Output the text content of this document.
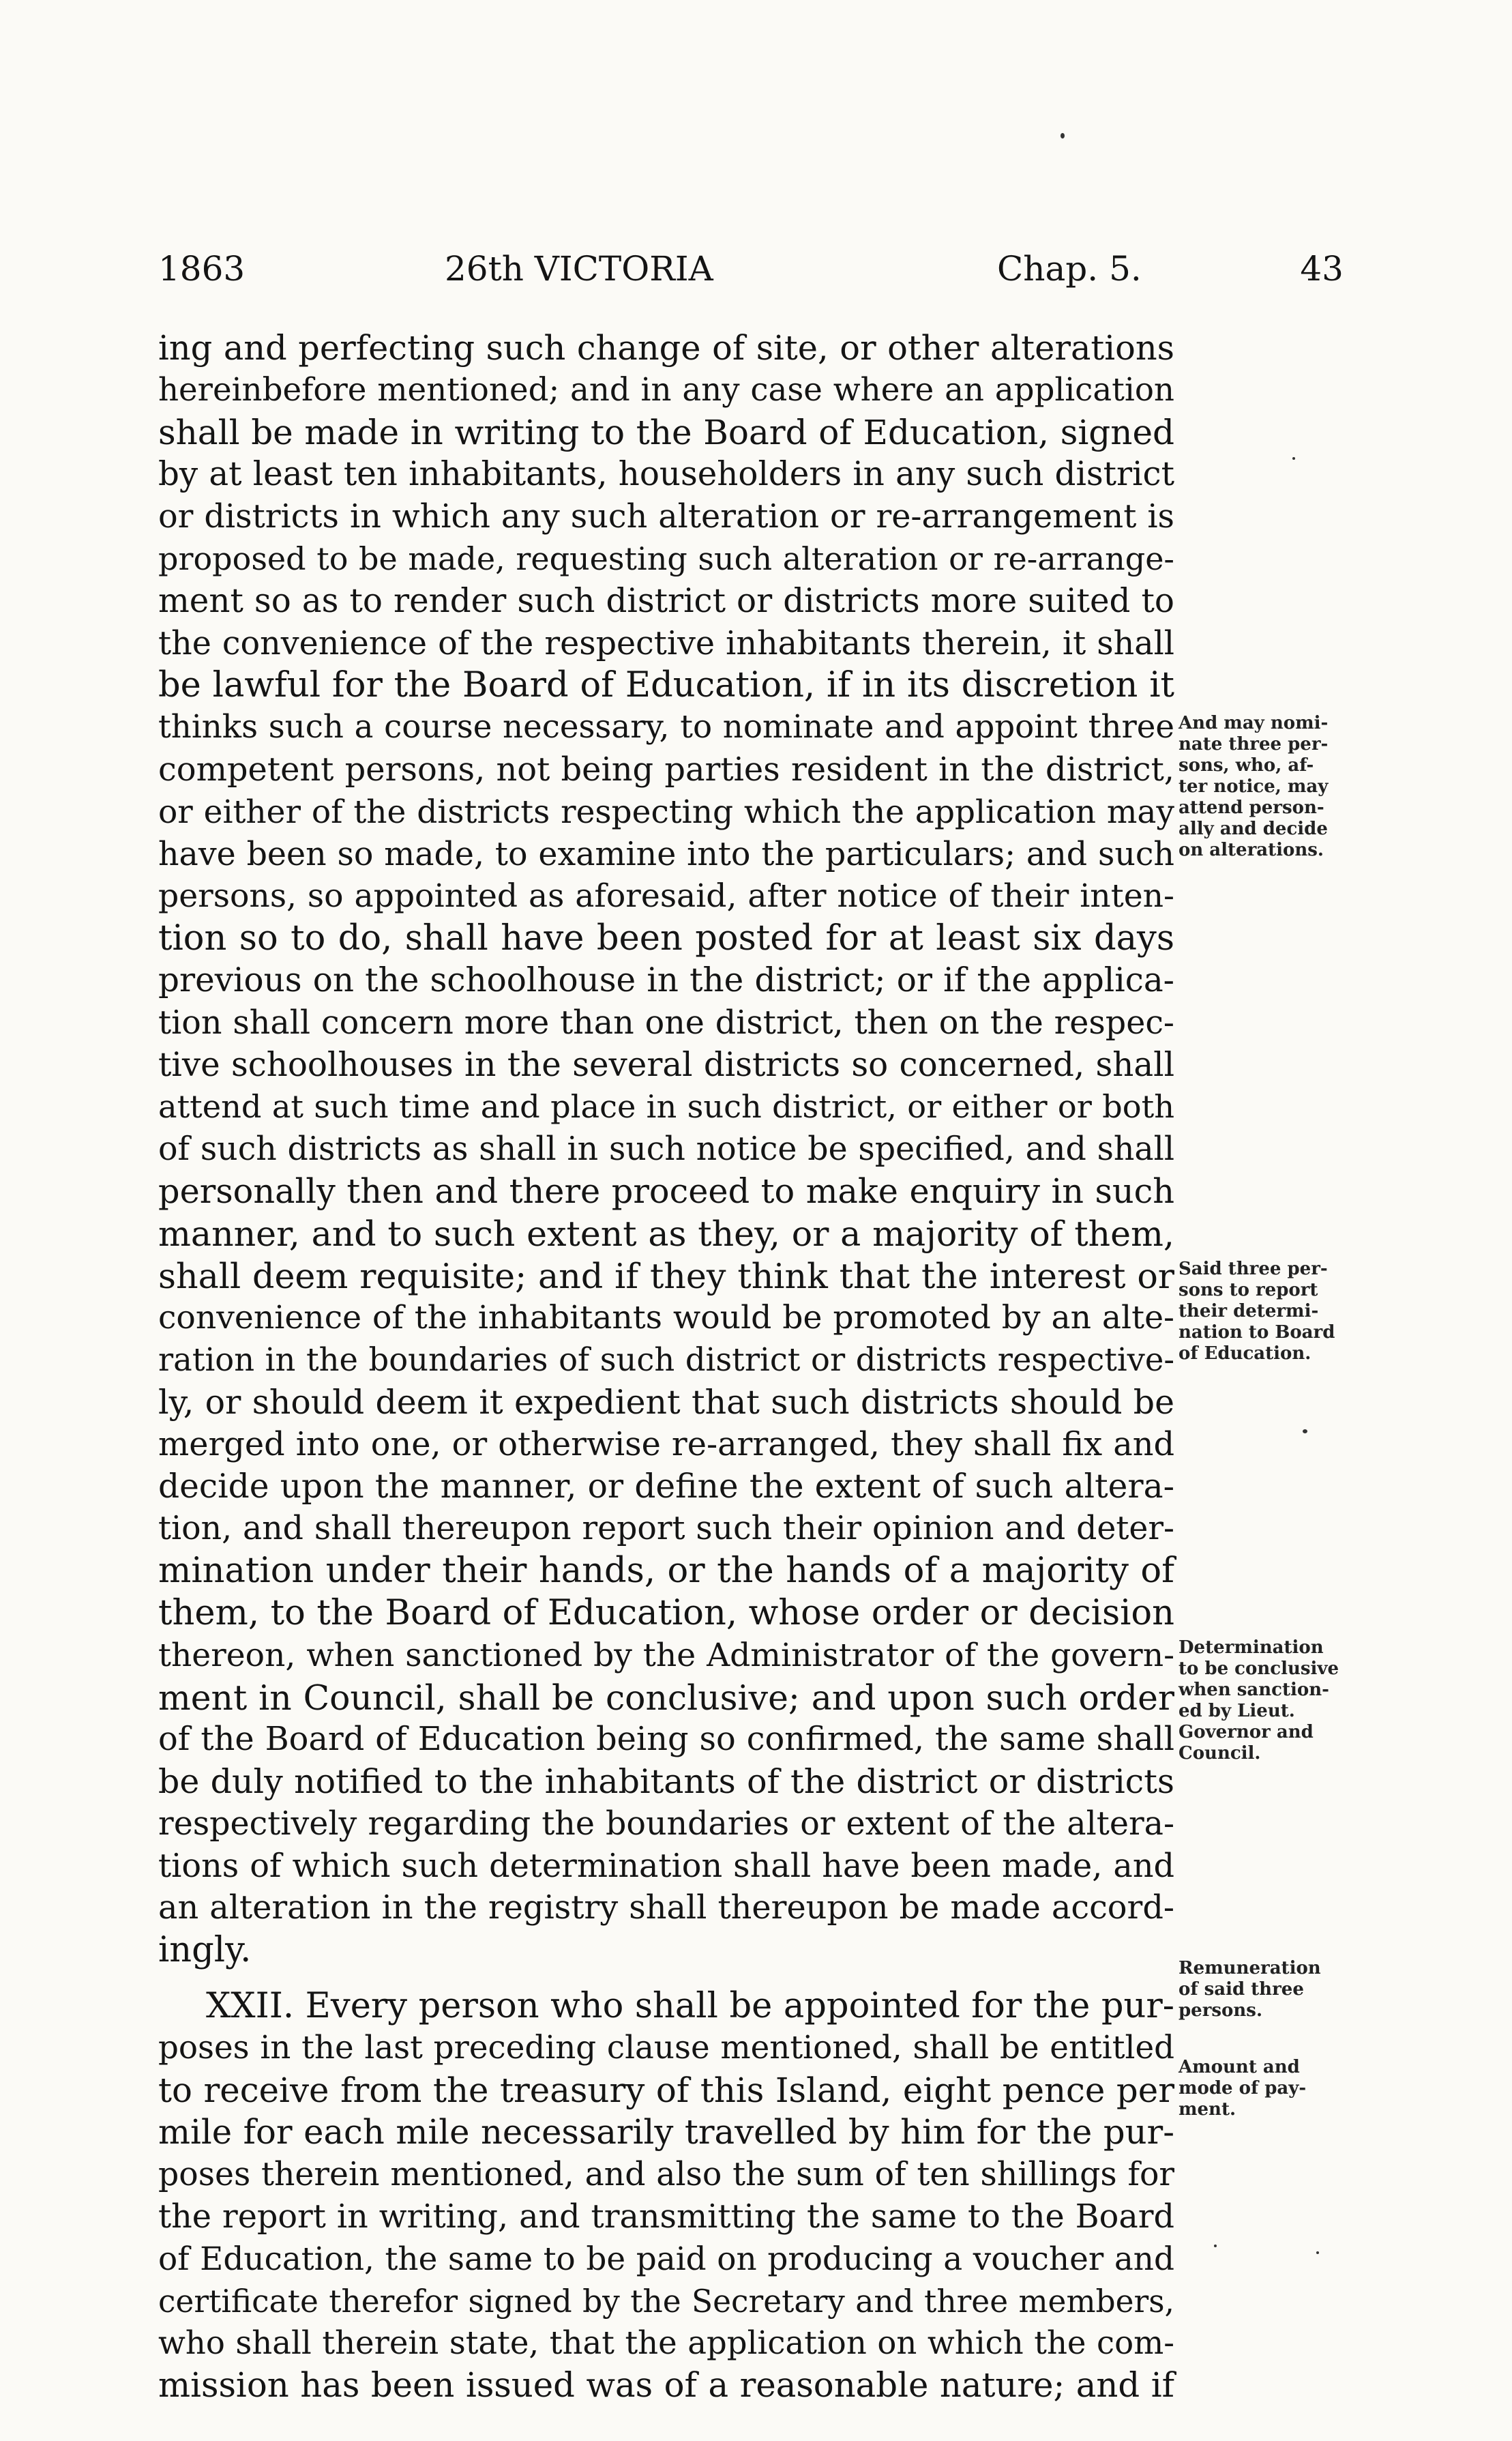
1863	26th VICTORIA	Chap. 5.	43
ing and perfecting such change of site, or other alterations
hereinbefore mentioned; and in any case where an application
shall be made in writing to the Board of Education, signed
by at least ten inhabitants, householders in any such district
or districts in which any such alteration or re-arrangement is
proposed to be made, requesting such alteration or re-arrange-
ment so as to render such district or districts more suited to
the convenience of the respective inhabitants therein, it shall
be lawful for the Board of Education, if in its discretion it
thinks such a course necessary, to nominate and appoint three
competent persons, not being parties resident in the district,
or either of the districts respecting which the application may
have been so made, to examine into the particulars; and such
persons, so appointed as aforesaid, after notice of their inten-
tion so to do, shall have been posted for at least six days
previous on the schoolhouse in the district; or if the applica-
tion shall concern more than one district, then on the respec-
tive schoolhouses in the several districts so concerned, shall
attend at such time and place in such district, or either or both
of such districts as shall in such notice be specified, and shall
personally then and there proceed to make enquiry in such
manner, and to such extent as they, or a majority of them,
shall deem requisite; and if they think that the interest or
convenience of the inhabitants would be promoted by an alte-
ration in the boundaries of such district or districts respective-
ly, or should deem it expedient that such districts should be
merged into one, or otherwise re-arranged, they shall fix and
decide upon the manner, or define the extent of such altera-
tion, and shall thereupon report such their opinion and deter-
mination under their hands, or the hands of a majority of
them, to the Board of Education, whose order or decision
thereon, when sanctioned by the Administrator of the govern-
ment in Council, shall be conclusive; and upon such order
of the Board of Education being so confirmed, the same shall
be duly notified to the inhabitants of the district or districts
respectively regarding the boundaries or extent of the altera-
tions of which such determination shall have been made, and
an alteration in the registry shall thereupon be made accord-
ingly.
XXII. Every person who shall be appointed for the pur-
poses in the last preceding clause mentioned, shall be entitled
to receive from the treasury of this Island, eight pence per
mile for each mile necessarily travelled by him for the pur-
poses therein mentioned, and also the sum of ten shillings for
the report in writing, and transmitting the same to the Board
of Education, the same to be paid on producing a voucher and
certificate therefor signed by the Secretary and three members,
who shall therein state, that the application on which the com-
mission has been issued was of a reasonable nature; and if
And may nomi-
nate three per-
sons, who, af-
ter notice, may
attend person-
ally and decide
on alterations.
Said three per-
sons to report
their determi-
nation to Board
of Education.
Determination
to be conclusive
when sanction-
ed by Lieut.
Governor and
Council.
Remuneration
of said three
persons.
Amount and
mode of pay-
ment.
